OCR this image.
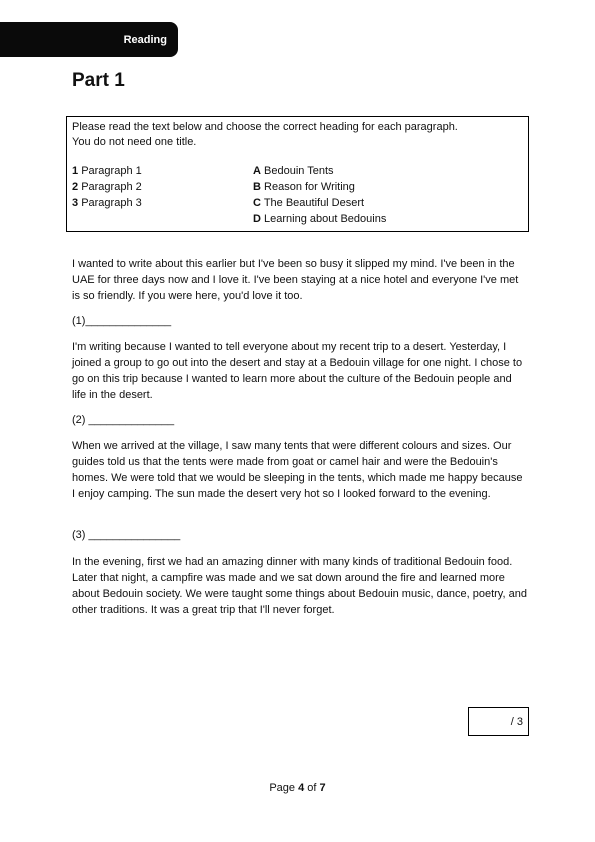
Reading
Part 1
Please read the text below and choose the correct heading for each paragraph.
You do not need one title.
1 Paragraph 1	A Bedouin Tents
2 Paragraph 2	B Reason for Writing
3 Paragraph 3	C The Beautiful Desert
D Learning about Bedouins

I wanted to write about this earlier but I've been so busy it slipped my mind. I've been in the UAE for three days now and I love it. I've been staying at a nice hotel and everyone I've met is so friendly. If you were here, you'd love it too.

(1)______________

I'm writing because I wanted to tell everyone about my recent trip to a desert. Yesterday, I joined a group to go out into the desert and stay at a Bedouin village for one night. I chose to go on this trip because I wanted to learn more about the culture of the Bedouin people and life in the desert.

(2) ______________

When we arrived at the village, I saw many tents that were different colours and sizes. Our guides told us that the tents were made from goat or camel hair and were the Bedouin's homes. We were told that we would be sleeping in the tents, which made me happy because I enjoy camping. The sun made the desert very hot so I looked forward to the evening.

(3) _______________

In the evening, first we had an amazing dinner with many kinds of traditional Bedouin food. Later that night, a campfire was made and we sat down around the fire and learned more about Bedouin society. We were taught some things about Bedouin music, dance, poetry, and other traditions. It was a great trip that I'll never forget.

/ 3
Page 4 of 7
